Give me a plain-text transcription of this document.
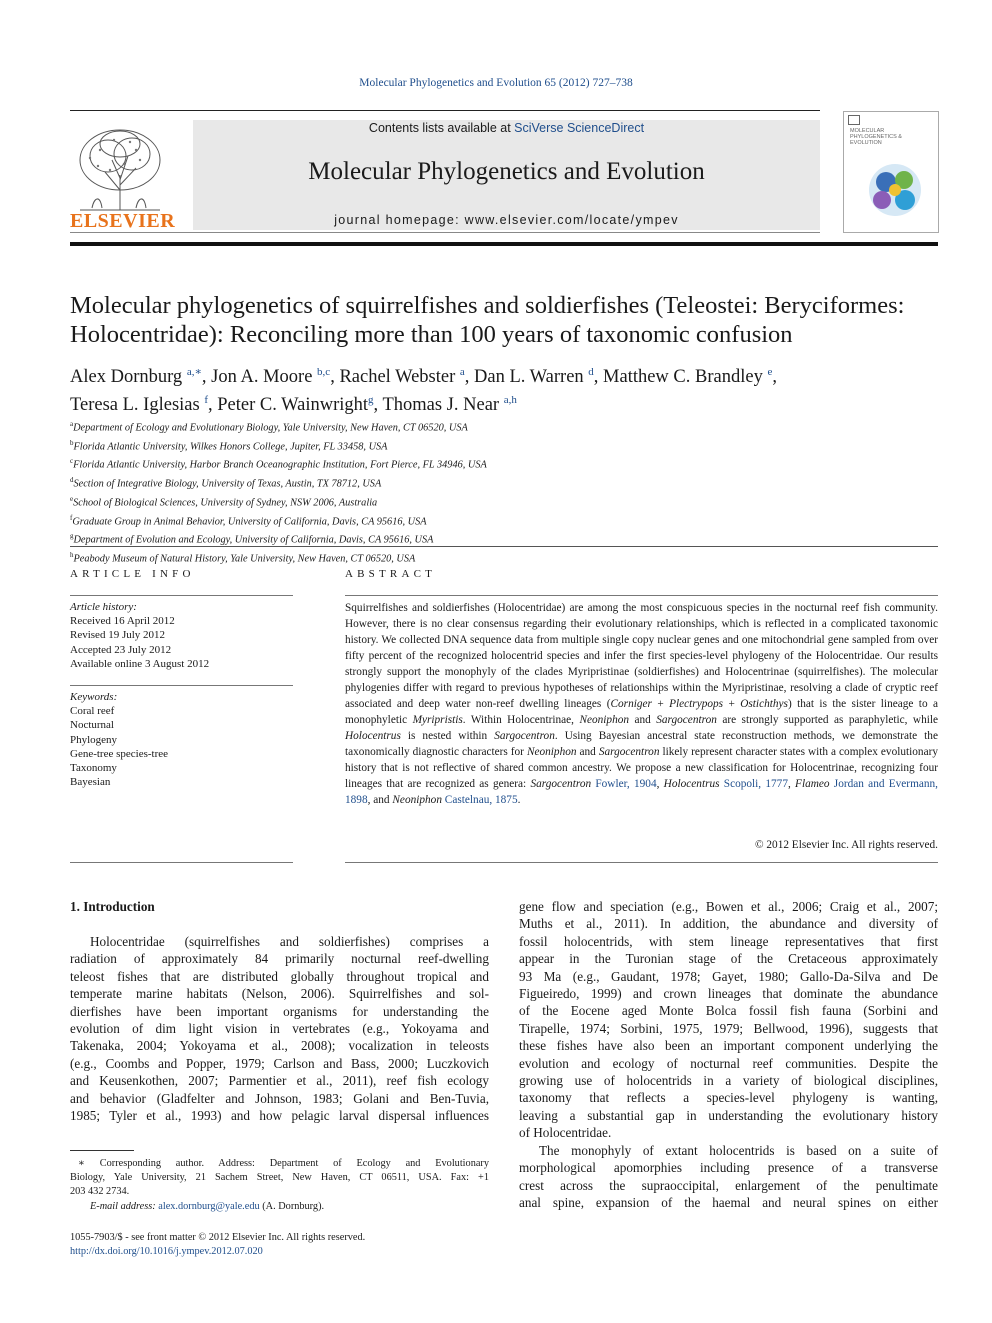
Molecular Phylogenetics and Evolution 65 (2012) 727–738
ELSEVIER
Contents lists available at SciVerse ScienceDirect
Molecular Phylogenetics and Evolution
journal homepage: www.elsevier.com/locate/ympev
MOLECULAR PHYLOGENETICS & EVOLUTION
Molecular phylogenetics of squirrelfishes and soldierfishes (Teleostei: Beryciformes:
Holocentridae): Reconciling more than 100 years of taxonomic confusion
Alex Dornburg $^{a,∗}$, Jon A. Moore $^{b,c}$, Rachel Webster $^a$, Dan L. Warren $^d$, Matthew C. Brandley $^e$,
Teresa L. Iglesias $^f$, Peter C. Wainwright$^g$, Thomas J. Near $^{a,h}$
$^a$Department of Ecology and Evolutionary Biology, Yale University, New Haven, CT 06520, USA
$^b$Florida Atlantic University, Wilkes Honors College, Jupiter, FL 33458, USA
$^c$Florida Atlantic University, Harbor Branch Oceanographic Institution, Fort Pierce, FL 34946, USA
$^d$Section of Integrative Biology, University of Texas, Austin, TX 78712, USA
$^e$School of Biological Sciences, University of Sydney, NSW 2006, Australia
$^f$Graduate Group in Animal Behavior, University of California, Davis, CA 95616, USA
$^g$Department of Evolution and Ecology, University of California, Davis, CA 95616, USA
$^h$Peabody Museum of Natural History, Yale University, New Haven, CT 06520, USA
ARTICLE INFO
Article history:
Received 16 April 2012
Revised 19 July 2012
Accepted 23 July 2012
Available online 3 August 2012
Keywords:
Coral reef
Nocturnal
Phylogeny
Gene-tree species-tree
Taxonomy
Bayesian
ABSTRACT
Squirrelfishes and soldierfishes (Holocentridae) are among the most conspicuous species in the nocturnal reef fish community. However, there is no clear consensus regarding their evolutionary relationships, which is reflected in a complicated taxonomic history. We collected DNA sequence data from multiple single copy nuclear genes and one mitochondrial gene sampled from over fifty percent of the recognized holocentrid species and infer the first species-level phylogeny of the Holocentridae. Our results strongly support the monophyly of the clades Myripristinae (soldierfishes) and Holocentrinae (squirrelfishes). The molecular phylogenies differ with regard to previous hypotheses of relationships within the Myripristinae, resolving a clade of cryptic reef associated and deep water non-reef dwelling lineages (Corniger + Plectrypops + Ostichthys) that is the sister lineage to a monophyletic Myripristis. Within Holocentrinae, Neoniphon and Sargocentron are strongly supported as paraphyletic, while Holocentrus is nested within Sargocentron. Using Bayesian ancestral state reconstruction methods, we demonstrate the taxonomically diagnostic characters for Neoniphon and Sargocentron likely represent character states with a complex evolutionary history that is not reflective of shared common ancestry. We propose a new classification for Holocentrinae, recognizing four lineages that are recognized as genera: Sargocentron Fowler, 1904, Holocentrus Scopoli, 1777, Flameo Jordan and Evermann, 1898, and Neoniphon Castelnau, 1875.
© 2012 Elsevier Inc. All rights reserved.
1. Introduction
Holocentridae (squirrelfishes and soldierfishes) comprises a
radiation of approximately 84 primarily nocturnal reef-dwelling
teleost fishes that are distributed globally throughout tropical and
temperate marine habitats (Nelson, 2006). Squirrelfishes and sol-
dierfishes have been important organisms for understanding the
evolution of dim light vision in vertebrates (e.g., Yokoyama and
Takenaka, 2004; Yokoyama et al., 2008); vocalization in teleosts
(e.g., Coombs and Popper, 1979; Carlson and Bass, 2000; Luczkovich
and Keusenkothen, 2007; Parmentier et al., 2011), reef fish ecology
and behavior (Gladfelter and Johnson, 1983; Golani and Ben-Tuvia,
1985; Tyler et al., 1993) and how pelagic larval dispersal influences
gene flow and speciation (e.g., Bowen et al., 2006; Craig et al., 2007;
Muths et al., 2011). In addition, the abundance and diversity of
fossil holocentrids, with stem lineage representatives that first
appear in the Turonian stage of the Cretaceous approximately
93 Ma (e.g., Gaudant, 1978; Gayet, 1980; Gallo-Da-Silva and De
Figueiredo, 1999) and crown lineages that dominate the abundance
of the Eocene aged Monte Bolca fossil fish fauna (Sorbini and
Tirapelle, 1974; Sorbini, 1975, 1979; Bellwood, 1996), suggests that
these fishes have also been an important component underlying the
evolution and ecology of nocturnal reef communities. Despite the
growing use of holocentrids in a variety of biological disciplines,
taxonomy that reflects a species-level phylogeny is wanting,
leaving a substantial gap in understanding the evolutionary history
of Holocentridae.
The monophyly of extant holocentrids is based on a suite of
morphological apomorphies including presence of a transverse
crest across the supraoccipital, enlargement of the penultimate
anal spine, expansion of the haemal and neural spines on either
∗ Corresponding author. Address: Department of Ecology and Evolutionary
Biology, Yale University, 21 Sachem Street, New Haven, CT 06511, USA. Fax: +1
203 432 2734.
E-mail address: alex.dornburg@yale.edu (A. Dornburg).
1055-7903/$ - see front matter © 2012 Elsevier Inc. All rights reserved.
http://dx.doi.org/10.1016/j.ympev.2012.07.020
